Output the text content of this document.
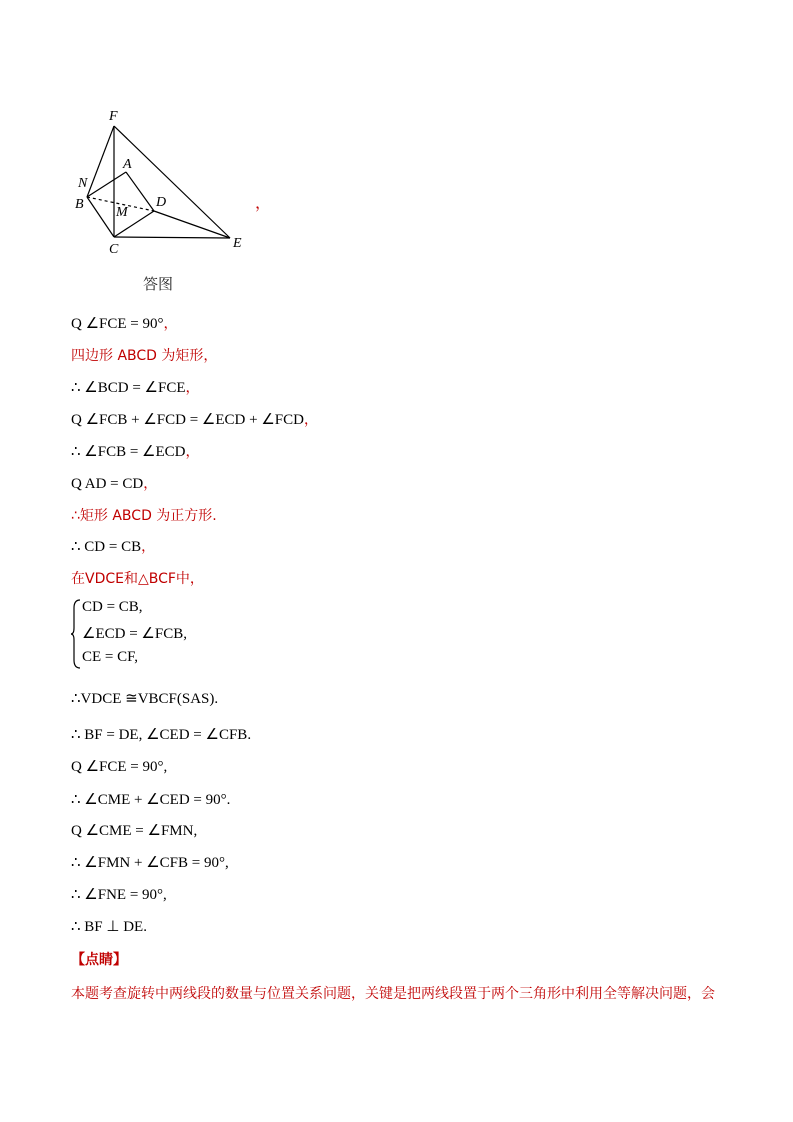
F
A
N
B
M
D
C	E
，
答图
Q ∠FCE = 90°，
四边形 ABCD 为矩形，
∴ ∠BCD = ∠FCE，
Q ∠FCB + ∠FCD = ∠ECD + ∠FCD，
∴ ∠FCB = ∠ECD，
Q AD = CD，
∴矩形 ABCD 为正方形.
∴ CD = CB，
在VDCE和△BCF中，
CD = CB,
∠ECD = ∠FCB,
CE = CF,
∴VDCE ≅VBCF(SAS).
∴ BF = DE, ∠CED = ∠CFB.
Q ∠FCE = 90°,
∴ ∠CME + ∠CED = 90°.
Q ∠CME = ∠FMN,
∴ ∠FMN + ∠CFB = 90°,
∴ ∠FNE = 90°,
∴ BF ⊥ DE.
【点睛】
本题考查旋转中两线段的数量与位置关系问题，关键是把两线段置于两个三角形中利用全等解决问题，会
